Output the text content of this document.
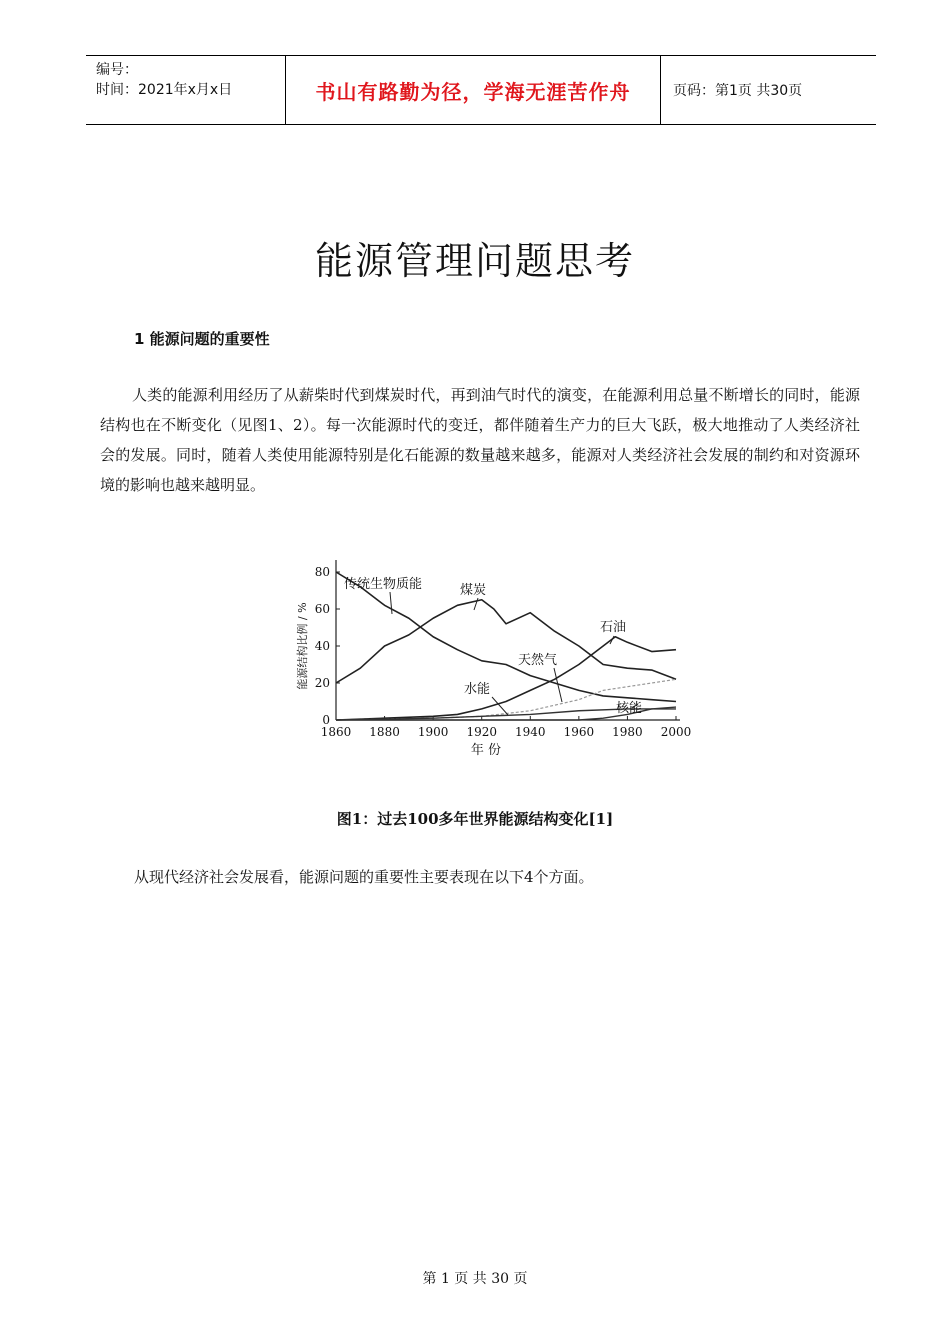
编号：
时间：2021年x月x日	书山有路勤为径，学海无涯苦作舟	页码：第1页 共30页
能源管理问题思考
1 能源问题的重要性
人类的能源利用经历了从薪柴时代到煤炭时代，再到油气时代的演变，在能源利用总量不断增长的同时，能源结构也在不断变化（见图1、2）。每一次能源时代的变迁，都伴随着生产力的巨大飞跃，极大地推动了人类经济社会的发展。同时，随着人类使用能源特别是化石能源的数量越来越多，能源对人类经济社会发展的制约和对资源环境的影响也越来越明显。
1860 1880 1900 1920 1940 1960 1980 2000
0
20
40
60
80
年 份
能源结构比例 / %
传统生物质能	煤炭
石油
天然气
水能
核能
图1：过去100多年世界能源结构变化[1]
从现代经济社会发展看，能源问题的重要性主要表现在以下4个方面。
第 1 页 共 30 页
